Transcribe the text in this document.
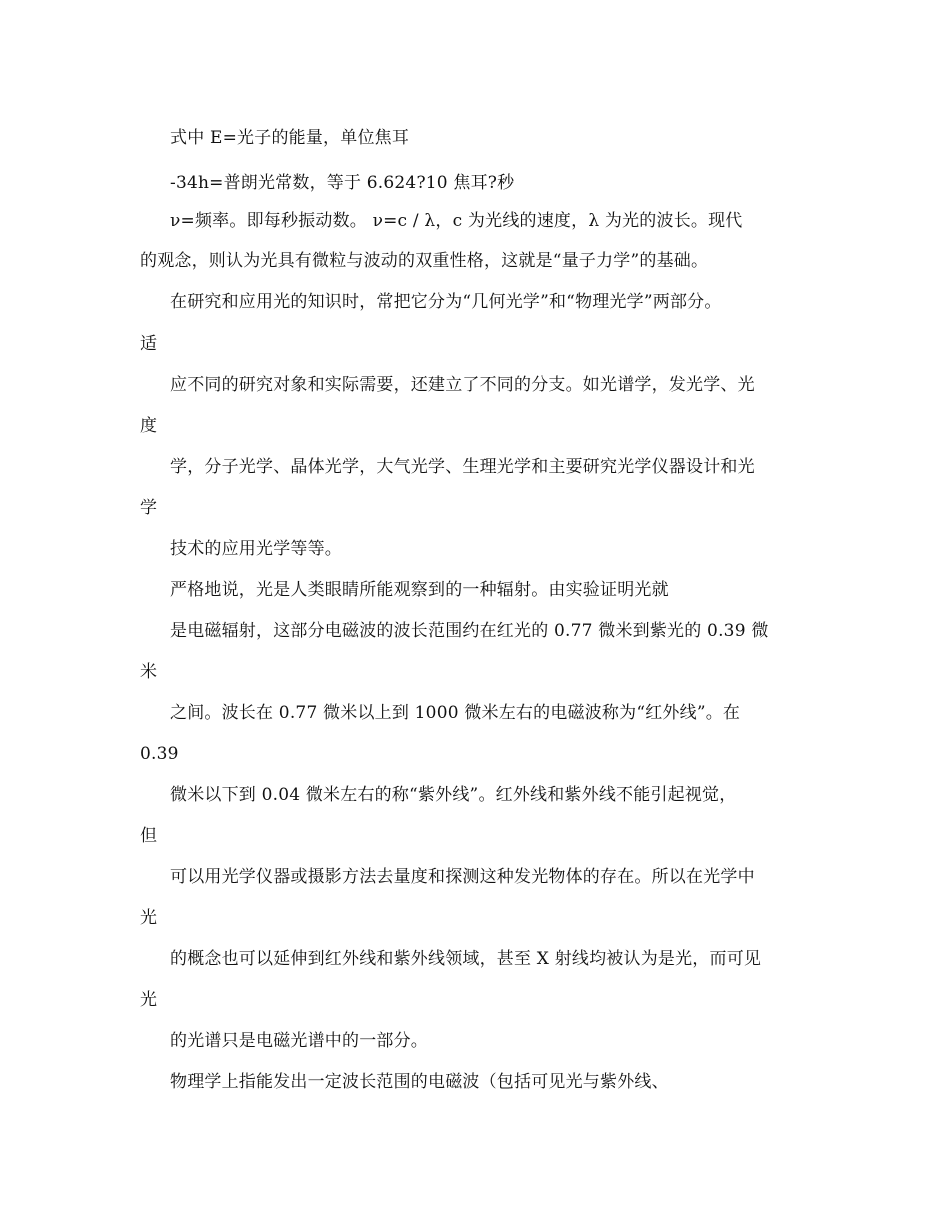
式中 E=光子的能量，单位焦耳
-34h=普朗光常数，等于 6.624?10 焦耳?秒
ν=频率。即每秒振动数。 ν=c / λ，c 为光线的速度，λ 为光的波长。现代
的观念，则认为光具有微粒与波动的双重性格，这就是“量子力学”的基础。
在研究和应用光的知识时，常把它分为“几何光学”和“物理光学”两部分。
适
应不同的研究对象和实际需要，还建立了不同的分支。如光谱学，发光学、光
度
学，分子光学、晶体光学，大气光学、生理光学和主要研究光学仪器设计和光
学
技术的应用光学等等。
严格地说，光是人类眼睛所能观察到的一种辐射。由实验证明光就
是电磁辐射，这部分电磁波的波长范围约在红光的 0.77 微米到紫光的 0.39 微
米
之间。波长在 0.77 微米以上到 1000 微米左右的电磁波称为“红外线”。在
0.39
微米以下到 0.04 微米左右的称“紫外线”。红外线和紫外线不能引起视觉，
但
可以用光学仪器或摄影方法去量度和探测这种发光物体的存在。所以在光学中
光
的概念也可以延伸到红外线和紫外线领域，甚至 X 射线均被认为是光，而可见
光
的光谱只是电磁光谱中的一部分。
物理学上指能发出一定波长范围的电磁波（包括可见光与紫外线、
